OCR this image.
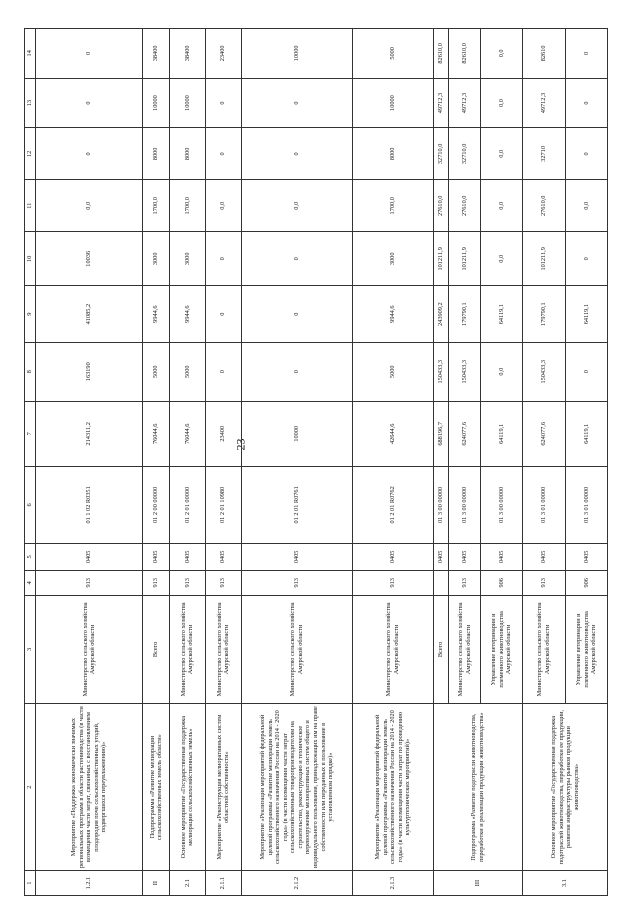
23
1	2	3	4	5	6	7	8	9	10	11	12	13	14
1.2.1	Мероприятие «Поддержка экономически значимых региональных программ в области растениеводства (в части возмещения части затрат, связанных с восстановлением плодородия почв сельскохозяйственных угодий, подвергшихся переувлажнению)»	Министерство сельского хозяйства Амурской области	913	0405	01 1 02 R0351	214311,2	163190	41085,2	10036	0,0	0	0	0
II	Подпрограмма «Развитие мелиорации сельскохозяйственных земель области»	Всего	913	0405	01 2 00 00000	76044,6	5000	9944,6	3000	1700,0	8000	10000	38400
2.1	Основное мероприятие «Государственная поддержка мелиорации сельскохозяйственных земель»	Министерство сельского хозяйства Амурской области	913	0405	01 2 01 00000	76044,6	5000	9944,6	3000	1700,0	8000	10000	38400
2.1.1	Мероприятие «Реконструкция мелиоративных систем областной собственности»	Министерство сельского хозяйства Амурской области	913	0405	01 2 01 10980	23400	0	0	0	0,0	0	0	23400
2.1.2	Мероприятие «Реализация мероприятий федеральной целевой программы «Развитие мелиорации земель сельскохозяйственного назначения России на 2014 - 2020 годы» (в части возмещения части затрат сельскохозяйственным товаропроизводителям на строительство, реконструкцию и техническое перевооружение мелиоративных систем общего и индивидуального пользования, принадлежащих им на праве собственности или переданных в пользование в установленном порядке)»	Министерство сельского хозяйства Амурской области	913	0405	01 2 01 R0761	10000	0	0	0	0,0	0	0	10000
2.1.3	Мероприятие «Реализация мероприятий федеральной целевой программы «Развитие мелиорации земель сельскохозяйственного назначения России на 2014 - 2020 годы» (в части возмещения части затрат по проведению культуртехнических мероприятий)»	Министерство сельского хозяйства Амурской области	913	0405	01 2 01 R0762	42644,6	5000	9944,6	3000	1700,0	8000	10000	5000
III	Подпрограмма «Развитие подотрасли животноводства, переработки и реализации продукции животноводства»	Всего		0405	01 3 00 00000	688196,7	150433,3	243909,2	101211,9	27610,0	32710,0	49712,3	82610,0
		Министерство сельского хозяйства Амурской области	913	0405	01 3 00 00000	624077,6	150433,3	179790,1	101211,9	27610,0	32710,0	49712,3	82610,0
		Управление ветеринарии и племенного животноводства Амурской области	906	0405	01 3 00 00000	64119,1	0,0	64119,1	0,0	0,0	0,0	0,0	0,0
3.1	Основное мероприятие «Государственная поддержка подотраслей животноводства, переработки ее продукции, развития инфраструктуры рынков продукции животноводства»	Министерство сельского хозяйства Амурской области	913	0405	01 3 01 00000	624077,6	150433,3	179790,1	101211,9	27610,0	32710	49712,3	82610
		Управление ветеринарии и племенного животноводства Амурской области	906	0405	01 3 01 00000	64119,1	0	64119,1	0	0,0	0	0	0
